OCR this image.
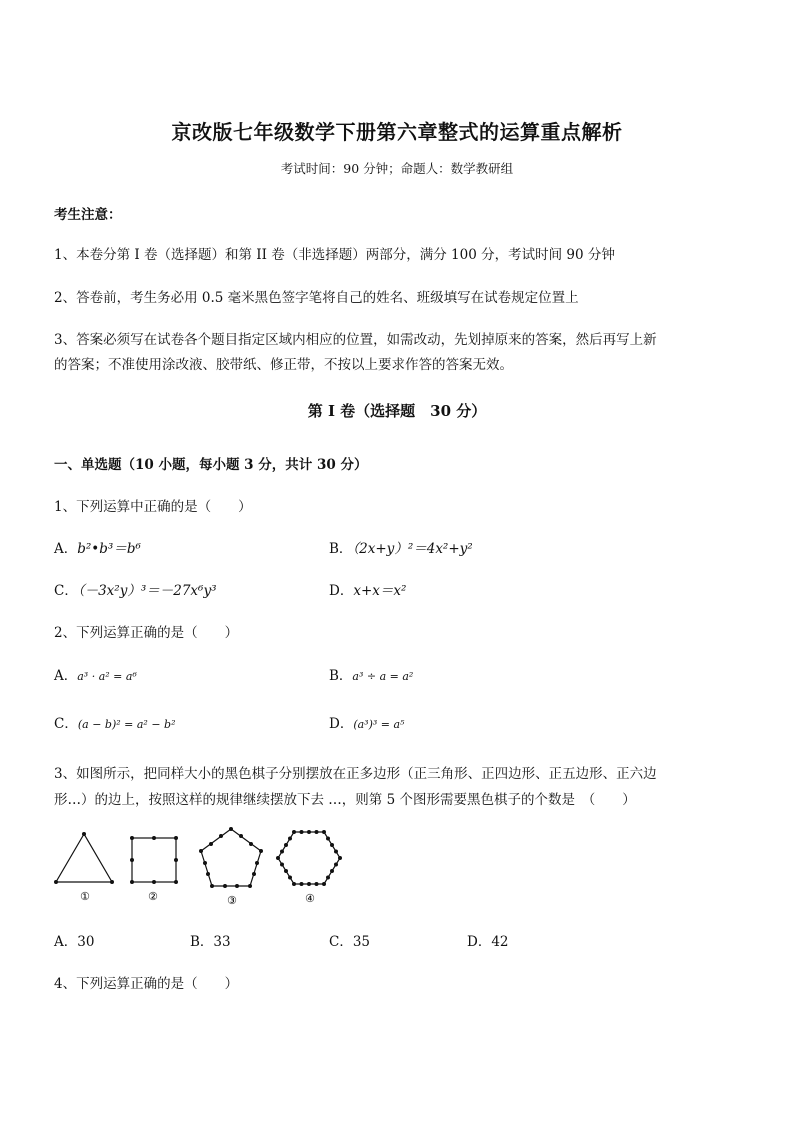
京改版七年级数学下册第六章整式的运算重点解析
考试时间：90 分钟；命题人：数学教研组
考生注意：
1、本卷分第 I 卷（选择题）和第 II 卷（非选择题）两部分，满分 100 分，考试时间 90 分钟
2、答卷前，考生务必用 0.5 毫米黑色签字笔将自己的姓名、班级填写在试卷规定位置上
3、答案必须写在试卷各个题目指定区域内相应的位置，如需改动，先划掉原来的答案，然后再写上新
的答案；不准使用涂改液、胶带纸、修正带，不按以上要求作答的答案无效。
第 I 卷（选择题　30 分）
一、单选题（10 小题，每小题 3 分，共计 30 分）
1、下列运算中正确的是（　　）
A．b²•b³＝b⁶	B．（2x+y）²＝4x²+y²
C．（－3x²y）³＝－27x⁶y³	D．x+x＝x²
2、下列运算正确的是（　　）
A．a³ · a² = a⁶	B．a³ ÷ a = a²
C．(a − b)² = a² − b²	D．(a³)³ = a⁵
3、如图所示，把同样大小的黑色棋子分别摆放在正多边形（正三角形、正四边形、正五边形、正六边
形…）的边上，按照这样的规律继续摆放下去 …，则第 5 个图形需要黑色棋子的个数是　（　　）
①	②	③	④
A．30	B．33	C．35	D．42
4、下列运算正确的是（　　）
